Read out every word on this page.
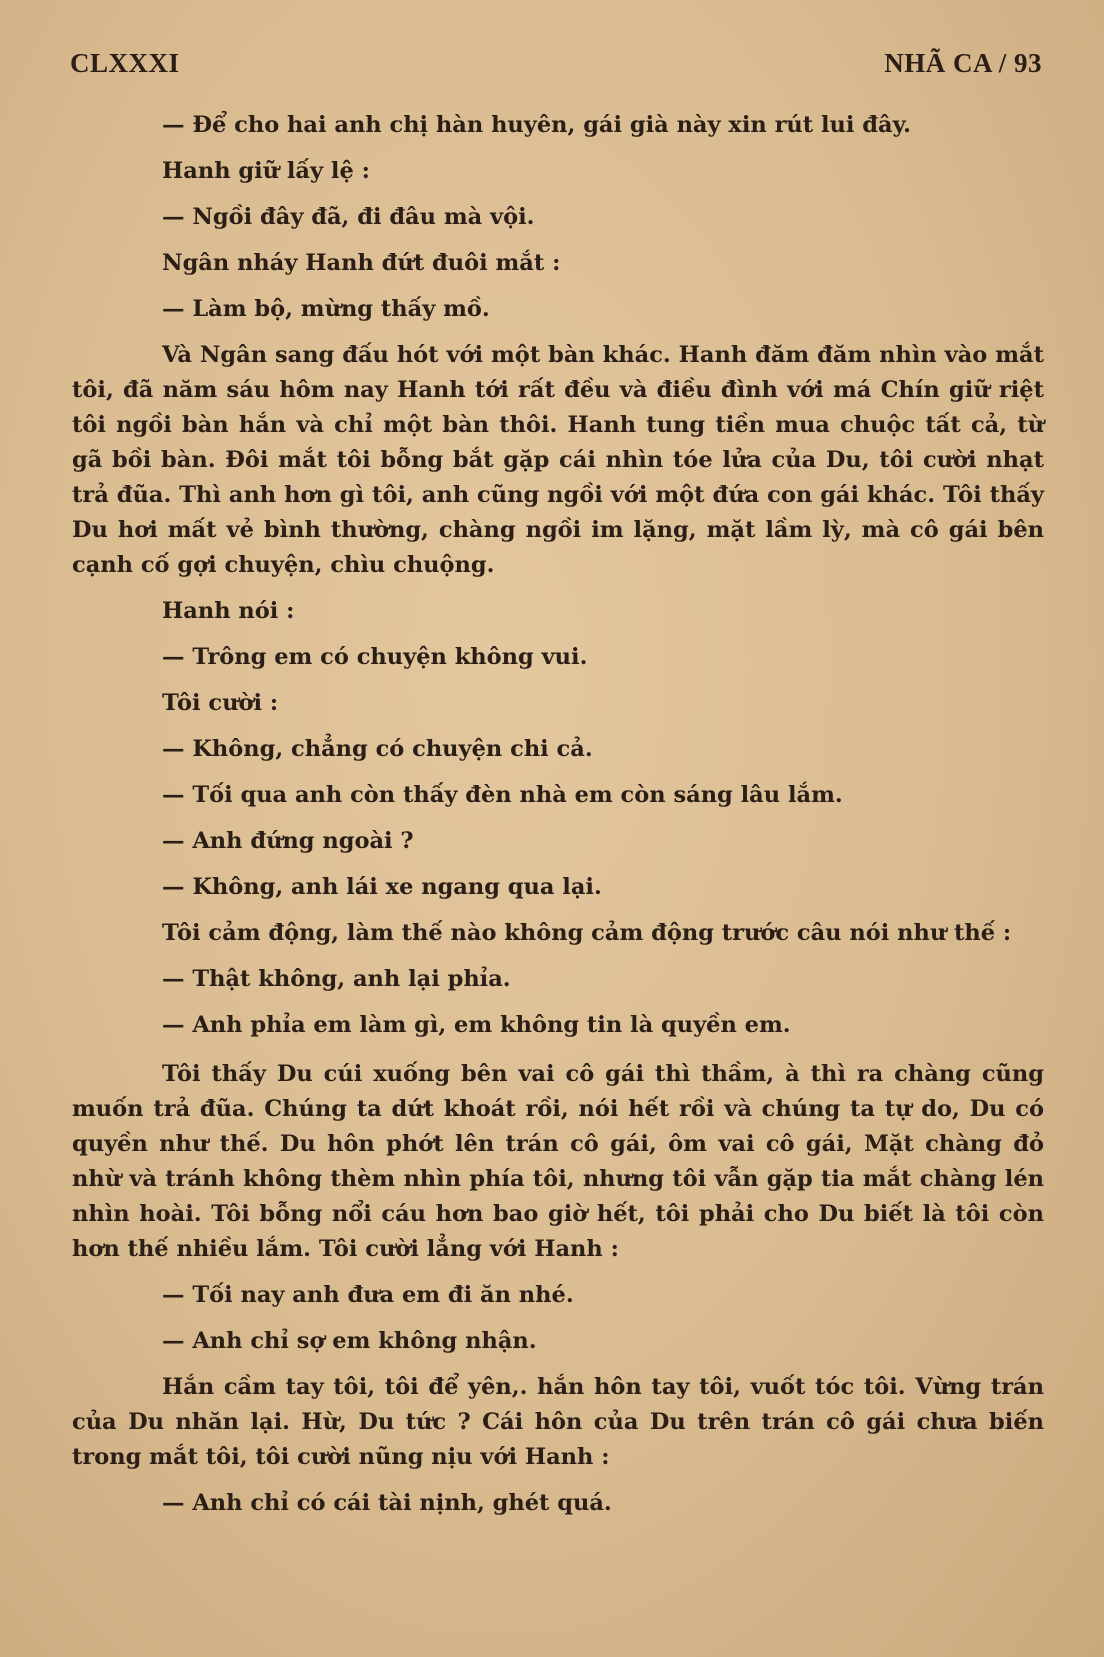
CLXXXI	NHÃ CA / 93

— Để cho hai anh chị hàn huyên, gái già này xin rút lui đây.

Hanh giữ lấy lệ :

— Ngồi đây đã, đi đâu mà vội.

Ngân nháy Hanh đứt đuôi mắt :

— Làm bộ, mừng thấy mồ.

Và Ngân sang đấu hót với một bàn khác. Hanh đăm đăm nhìn vào mắt tôi, đã năm sáu hôm nay Hanh tới rất đều và điều đình với má Chín giữ riệt tôi ngồi bàn hắn và chỉ một bàn thôi. Hanh tung tiền mua chuộc tất cả, từ gã bồi bàn. Đôi mắt tôi bỗng bắt gặp cái nhìn tóe lửa của Du, tôi cười nhạt trả đũa. Thì anh hơn gì tôi, anh cũng ngồi với một đứa con gái khác. Tôi thấy Du hơi mất vẻ bình thường, chàng ngồi im lặng, mặt lầm lỳ, mà cô gái bên cạnh cố gợi chuyện, chìu chuộng.

Hanh nói :

— Trông em có chuyện không vui.

Tôi cười :

— Không, chẳng có chuyện chi cả.

— Tối qua anh còn thấy đèn nhà em còn sáng lâu lắm.

— Anh đứng ngoài ?

— Không, anh lái xe ngang qua lại.

Tôi cảm động, làm thế nào không cảm động trước câu nói như thế :

— Thật không, anh lại phỉa.

— Anh phỉa em làm gì, em không tin là quyền em.

Tôi thấy Du cúi xuống bên vai cô gái thì thầm, à thì ra chàng cũng muốn trả đũa. Chúng ta dứt khoát rồi, nói hết rồi và chúng ta tự do, Du có quyền như thế. Du hôn phớt lên trán cô gái, ôm vai cô gái, Mặt chàng đỏ nhừ và tránh không thèm nhìn phía tôi, nhưng tôi vẫn gặp tia mắt chàng lén nhìn hoài. Tôi bỗng nổi cáu hơn bao giờ hết, tôi phải cho Du biết là tôi còn hơn thế nhiều lắm. Tôi cười lẳng với Hanh :

— Tối nay anh đưa em đi ăn nhé.

— Anh chỉ sợ em không nhận.

Hắn cầm tay tôi, tôi để yên,. hắn hôn tay tôi, vuốt tóc tôi. Vừng trán của Du nhăn lại. Hừ, Du tức ? Cái hôn của Du trên trán cô gái chưa biến trong mắt tôi, tôi cười nũng nịu với Hanh :

— Anh chỉ có cái tài nịnh, ghét quá.
